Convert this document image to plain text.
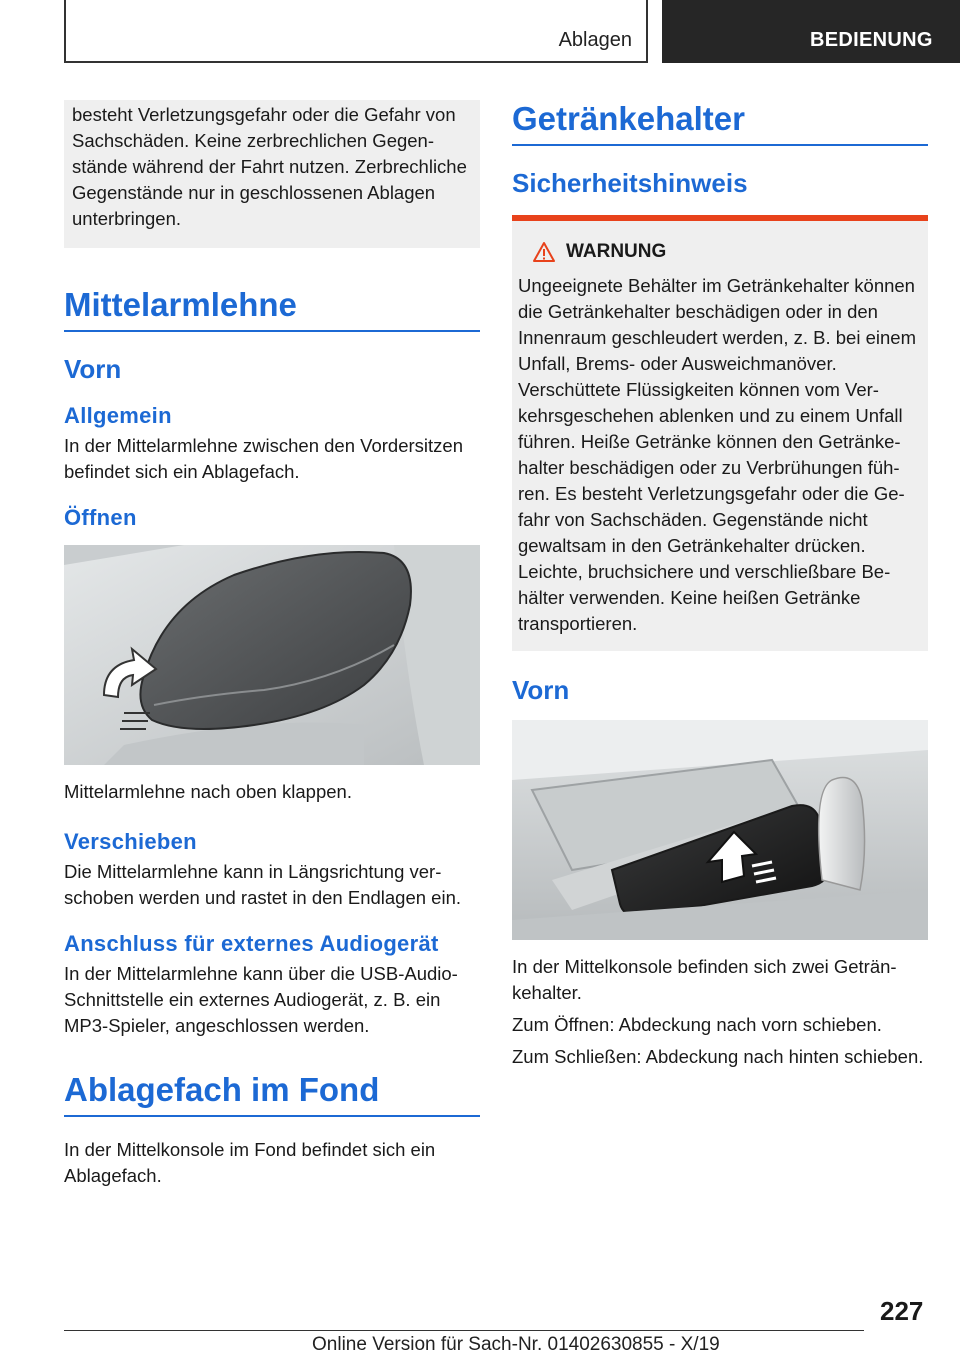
Ablagen	BEDIENUNG

besteht Verletzungsgefahr oder die Gefahr von Sachschäden. Keine zerbrechlichen Gegenstände während der Fahrt nutzen. Zerbrechliche Gegenstände nur in geschlossenen Ablagen unterbringen.

Mittelarmlehne
Vorn
Allgemein

In der Mittelarmlehne zwischen den Vordersitzen befindet sich ein Ablagefach.

Öffnen

Mittelarmlehne nach oben klappen.

Verschieben

Die Mittelarmlehne kann in Längsrichtung verschoben werden und rastet in den Endlagen ein.

Anschluss für externes Audiogerät

In der Mittelarmlehne kann über die USB-Audio-Schnittstelle ein externes Audiogerät, z. B. ein MP3-Spieler, angeschlossen werden.

Ablagefach im Fond

In der Mittelkonsole im Fond befindet sich ein Ablagefach.

Getränkehalter
Sicherheitshinweis
WARNUNG

Ungeeignete Behälter im Getränkehalter können die Getränkehalter beschädigen oder in den Innenraum geschleudert werden, z. B. bei einem Unfall, Brems- oder Ausweichmanöver. Verschüttete Flüssigkeiten können vom Verkehrsgeschehen ablenken und zu einem Unfall führen. Heiße Getränke können den Getränkehalter beschädigen oder zu Verbrühungen führen. Es besteht Verletzungsgefahr oder die Gefahr von Sachschäden. Gegenstände nicht gewaltsam in den Getränkehalter drücken. Leichte, bruchsichere und verschließbare Behälter verwenden. Keine heißen Getränke transportieren.

Vorn

In der Mittelkonsole befinden sich zwei Getränkehalter.

Zum Öffnen: Abdeckung nach vorn schieben.

Zum Schließen: Abdeckung nach hinten schieben.

227
Online Version für Sach-Nr. 01402630855 - X/19
